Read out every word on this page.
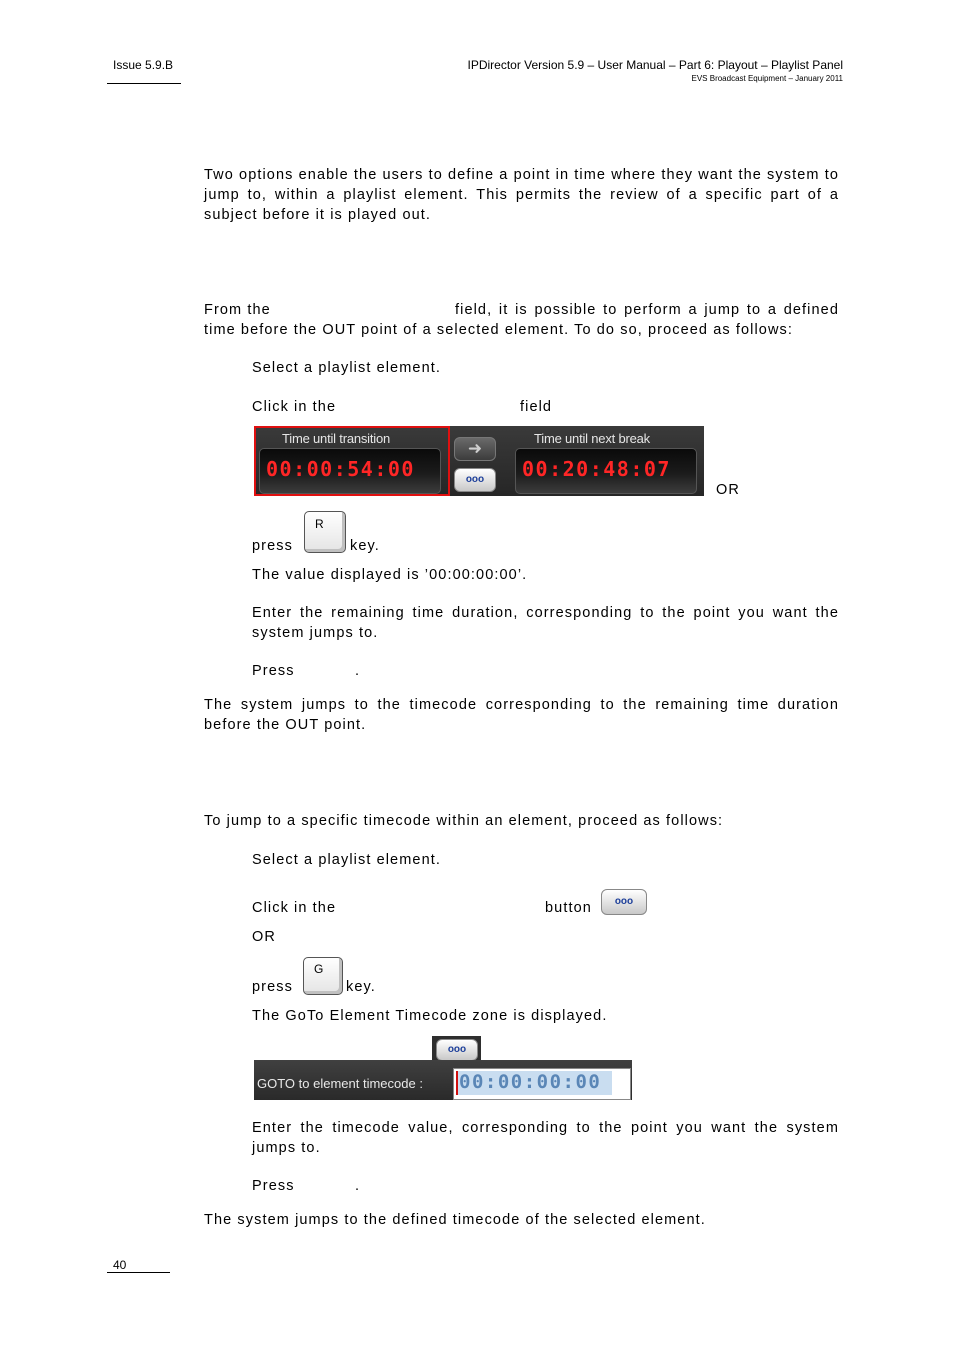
Issue 5.9.B	IPDirector Version 5.9 – User Manual – Part 6: Playout – Playlist Panel
EVS Broadcast Equipment – January 2011
Two options enable the users to define a point in time where they want the system to jump to, within a playlist element. This permits the review of a specific part of a subject before it is played out.
From the	field, it is possible to perform a jump to a defined time before the OUT point of a selected element. To do so, proceed as follows:
Select a playlist element.
Click in the	field
Time until transition
00:00:54:00
➜
ooo
Time until next break
00:20:48:07
OR
press
R
key.
The value displayed is ’00:00:00:00’.
Enter the remaining time duration, corresponding to the point you want the system jumps to.
Press	.
The system jumps to the timecode corresponding to the remaining time duration before the OUT point.
To jump to a specific timecode within an element, proceed as follows:
Select a playlist element.
Click in the	button	ooo
OR
press
G
key.
The GoTo Element Timecode zone is displayed.
ooo
GOTO to element timecode : 00:00:00:00
Enter the timecode value, corresponding to the point you want the system jumps to.
Press	.
The system jumps to the defined timecode of the selected element.
40
